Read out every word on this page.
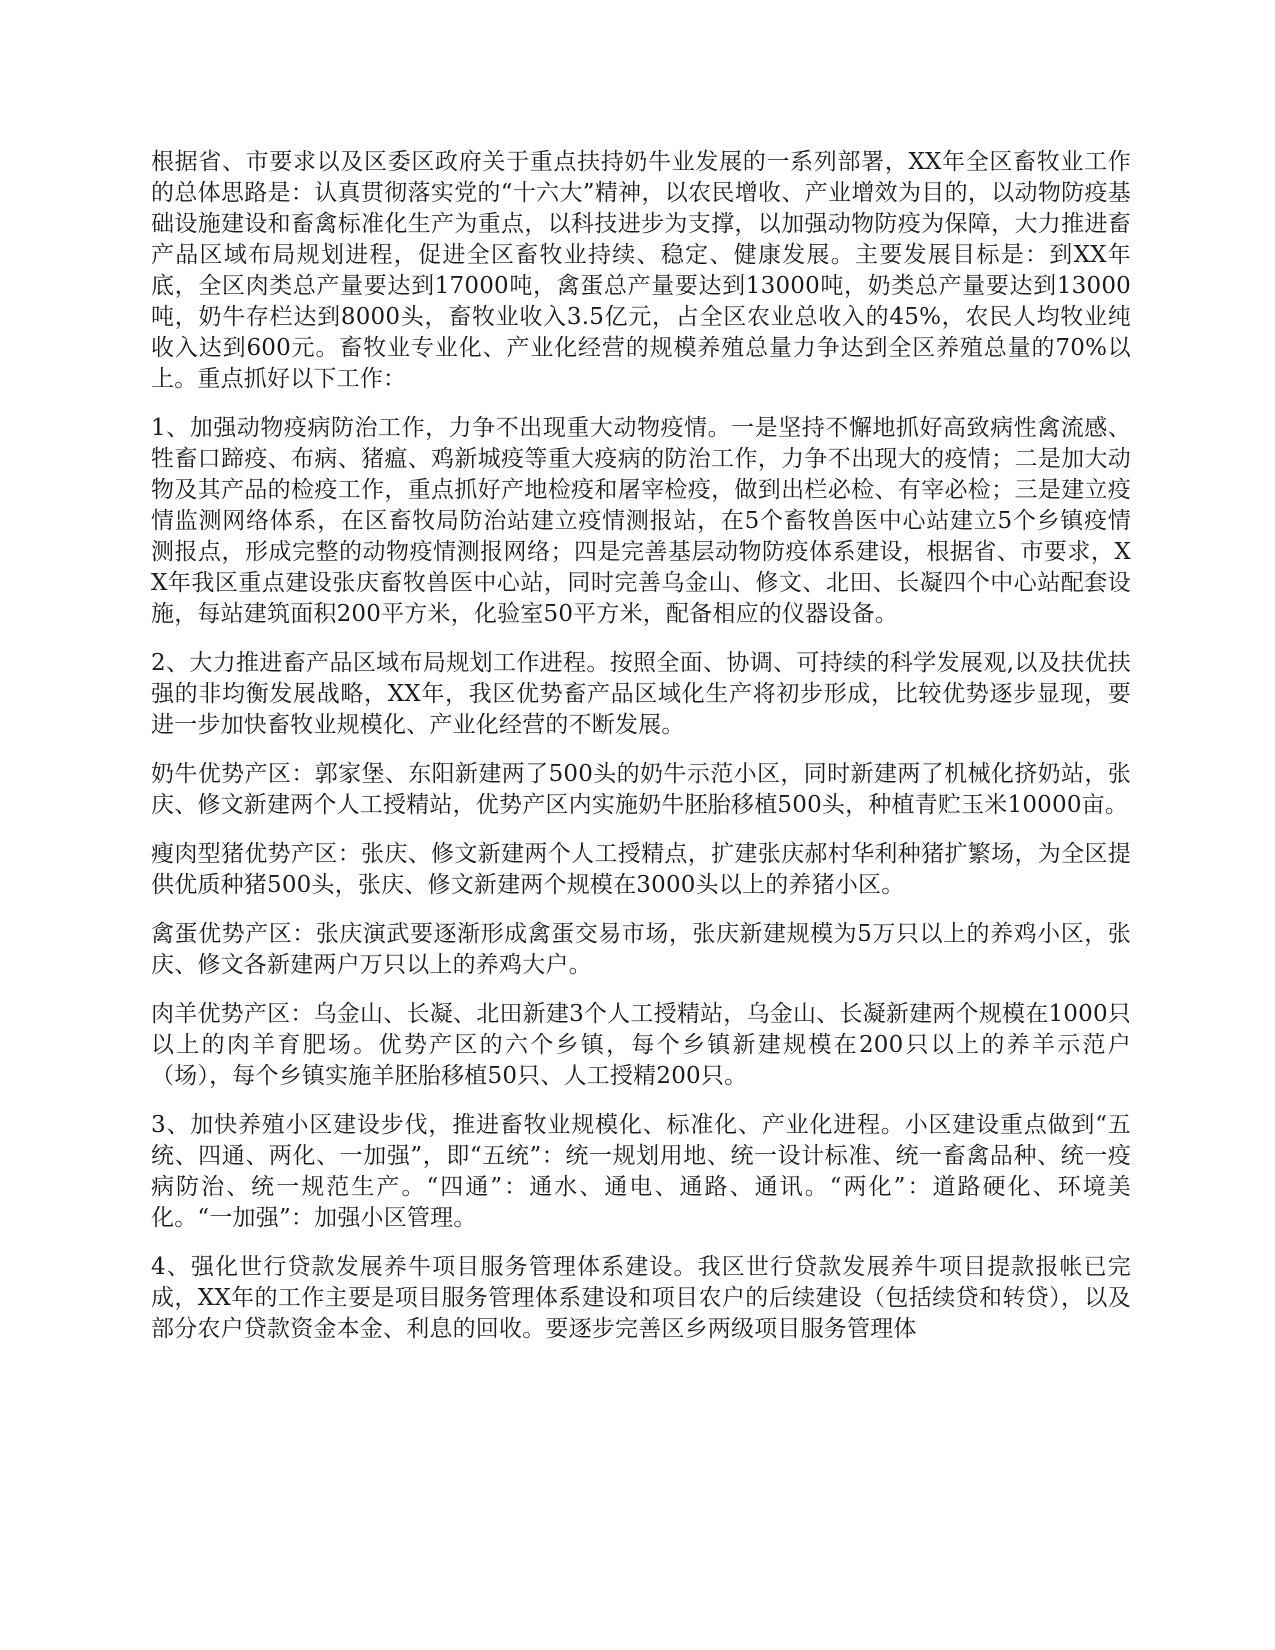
根据省、市要求以及区委区政府关于重点扶持奶牛业发展的一系列部署，XX年全区畜牧业工作的总体思路是：认真贯彻落实党的“十六大”精神，以农民增收、产业增效为目的，以动物防疫基础设施建设和畜禽标准化生产为重点，以科技进步为支撑，以加强动物防疫为保障，大力推进畜产品区域布局规划进程，促进全区畜牧业持续、稳定、健康发展。主要发展目标是：到XX年底，全区肉类总产量要达到17000吨，禽蛋总产量要达到13000吨，奶类总产量要达到13000吨，奶牛存栏达到8000头，畜牧业收入3.5亿元，占全区农业总收入的45%，农民人均牧业纯收入达到600元。畜牧业专业化、产业化经营的规模养殖总量力争达到全区养殖总量的70%以上。重点抓好以下工作：

1、加强动物疫病防治工作，力争不出现重大动物疫情。一是坚持不懈地抓好高致病性禽流感、牲畜口蹄疫、布病、猪瘟、鸡新城疫等重大疫病的防治工作，力争不出现大的疫情；二是加大动物及其产品的检疫工作，重点抓好产地检疫和屠宰检疫，做到出栏必检、有宰必检；三是建立疫情监测网络体系，在区畜牧局防治站建立疫情测报站，在5个畜牧兽医中心站建立5个乡镇疫情测报点，形成完整的动物疫情测报网络；四是完善基层动物防疫体系建设，根据省、市要求，XX年我区重点建设张庆畜牧兽医中心站，同时完善乌金山、修文、北田、长凝四个中心站配套设施，每站建筑面积200平方米，化验室50平方米，配备相应的仪器设备。

2、大力推进畜产品区域布局规划工作进程。按照全面、协调、可持续的科学发展观,以及扶优扶强的非均衡发展战略，XX年，我区优势畜产品区域化生产将初步形成，比较优势逐步显现，要进一步加快畜牧业规模化、产业化经营的不断发展。

奶牛优势产区：郭家堡、东阳新建两了500头的奶牛示范小区，同时新建两了机械化挤奶站，张庆、修文新建两个人工授精站，优势产区内实施奶牛胚胎移植500头，种植青贮玉米10000亩。

瘦肉型猪优势产区：张庆、修文新建两个人工授精点，扩建张庆郝村华利种猪扩繁场，为全区提供优质种猪500头，张庆、修文新建两个规模在3000头以上的养猪小区。

禽蛋优势产区：张庆演武要逐渐形成禽蛋交易市场，张庆新建规模为5万只以上的养鸡小区，张庆、修文各新建两户万只以上的养鸡大户。

肉羊优势产区：乌金山、长凝、北田新建3个人工授精站，乌金山、长凝新建两个规模在1000只以上的肉羊育肥场。优势产区的六个乡镇，每个乡镇新建规模在200只以上的养羊示范户（场），每个乡镇实施羊胚胎移植50只、人工授精200只。

3、加快养殖小区建设步伐，推进畜牧业规模化、标准化、产业化进程。小区建设重点做到“五统、四通、两化、一加强”，即“五统”：统一规划用地、统一设计标准、统一畜禽品种、统一疫病防治、统一规范生产。“四通”：通水、通电、通路、通讯。“两化”：道路硬化、环境美化。“一加强”：加强小区管理。

4、强化世行贷款发展养牛项目服务管理体系建设。我区世行贷款发展养牛项目提款报帐已完成，XX年的工作主要是项目服务管理体系建设和项目农户的后续建设（包括续贷和转贷），以及部分农户贷款资金本金、利息的回收。要逐步完善区乡两级项目服务管理体
